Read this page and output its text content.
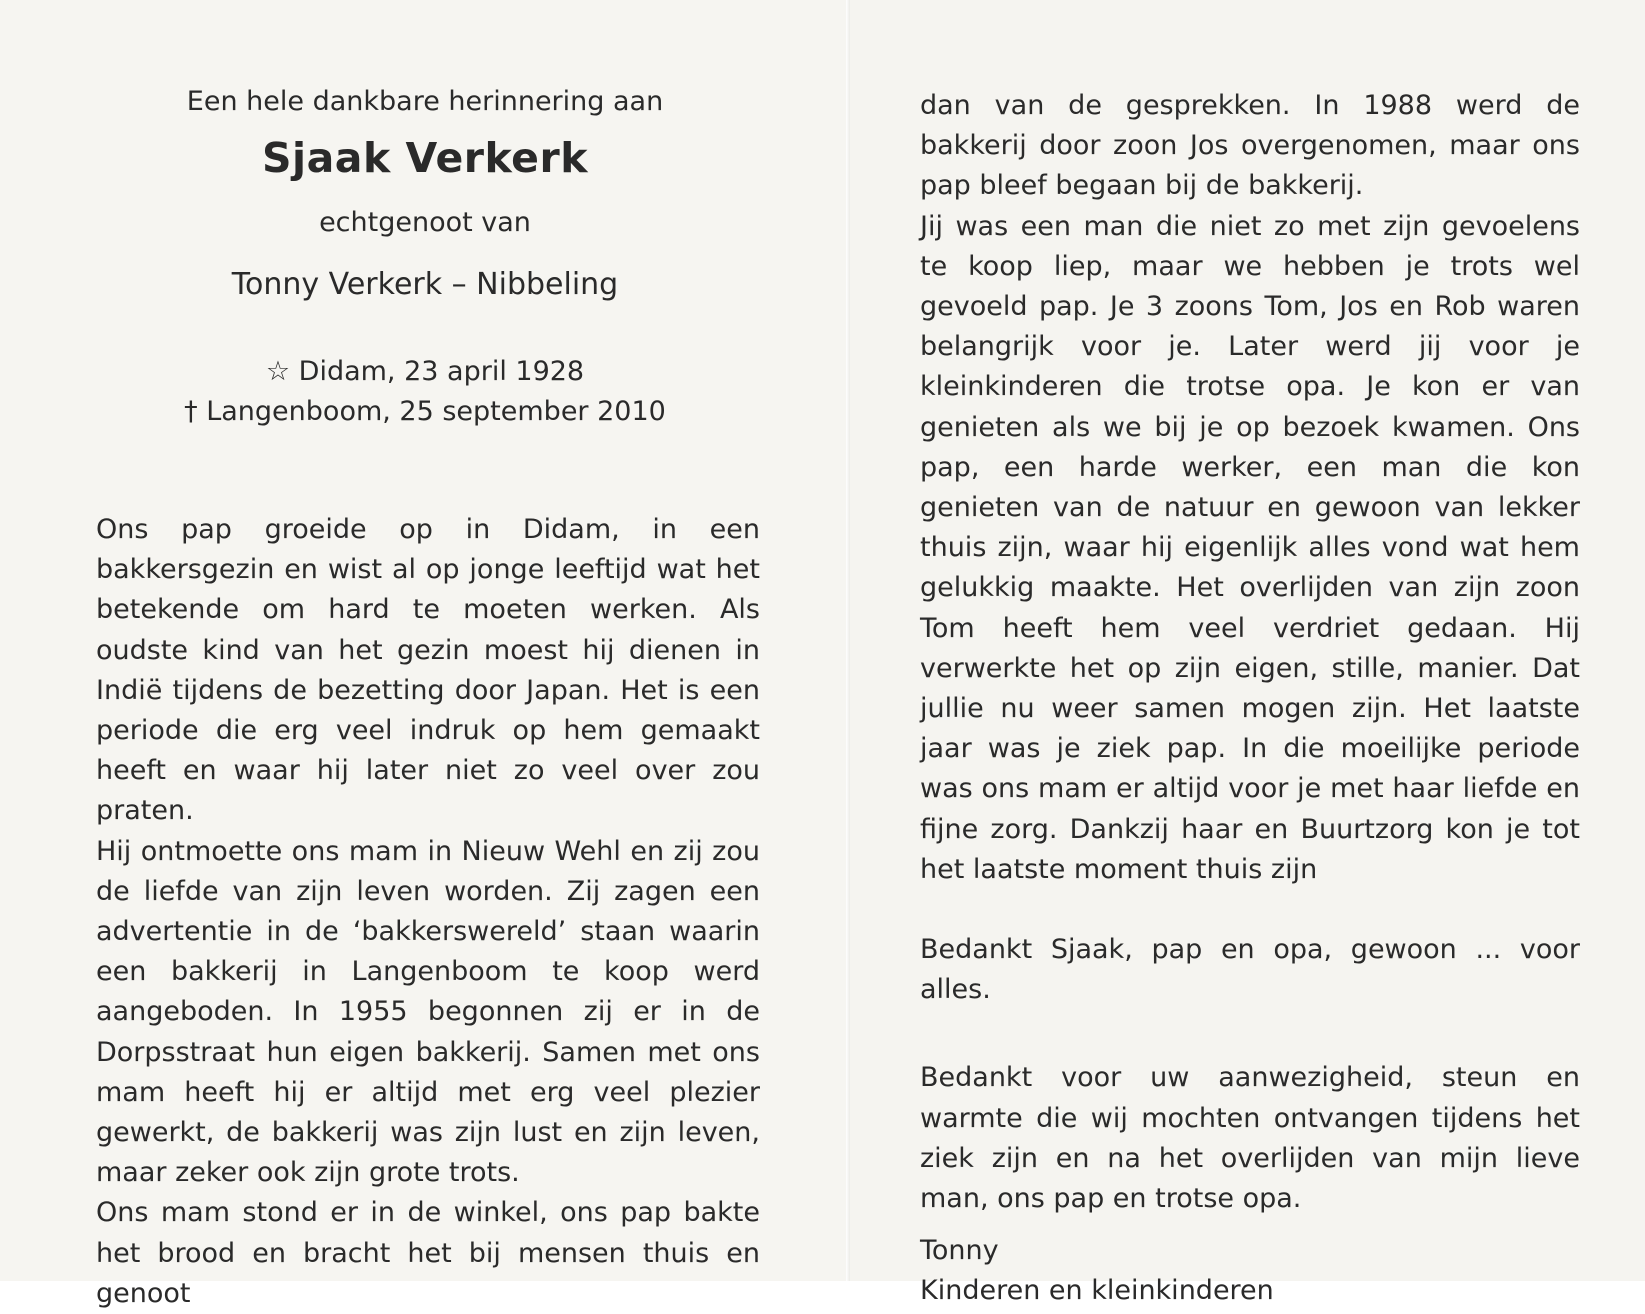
Een hele dankbare herinnering aan
Sjaak Verkerk
echtgenoot van
Tonny Verkerk – Nibbeling
☆ Didam, 23 april 1928
† Langenboom, 25 september 2010

Ons pap groeide op in Didam, in een bakkersgezin en wist al op jonge leeftijd wat het betekende om hard te moeten werken. Als oudste kind van het gezin moest hij dienen in Indië tijdens de bezetting door Japan. Het is een periode die erg veel indruk op hem gemaakt heeft en waar hij later niet zo veel over zou praten.

Hij ontmoette ons mam in Nieuw Wehl en zij zou de liefde van zijn leven worden. Zij zagen een advertentie in de ‘bakkerswereld’ staan waarin een bakkerij in Langenboom te koop werd aangeboden. In 1955 begonnen zij er in de Dorpsstraat hun eigen bakkerij. Samen met ons mam heeft hij er altijd met erg veel plezier gewerkt, de bakkerij was zijn lust en zijn leven, maar zeker ook zijn grote trots.

Ons mam stond er in de winkel, ons pap bakte het brood en bracht het bij mensen thuis en genoot

dan van de gesprekken. In 1988 werd de bakkerij door zoon Jos overgenomen, maar ons pap bleef begaan bij de bakkerij.

Jij was een man die niet zo met zijn gevoelens te koop liep, maar we hebben je trots wel gevoeld pap. Je 3 zoons Tom, Jos en Rob waren belangrijk voor je. Later werd jij voor je kleinkinderen die trotse opa. Je kon er van genieten als we bij je op bezoek kwamen. Ons pap, een harde werker, een man die kon genieten van de natuur en gewoon van lekker thuis zijn, waar hij eigenlijk alles vond wat hem gelukkig maakte. Het overlijden van zijn zoon Tom heeft hem veel verdriet gedaan. Hij verwerkte het op zijn eigen, stille, manier. Dat jullie nu weer samen mogen zijn. Het laatste jaar was je ziek pap. In die moeilijke periode was ons mam er altijd voor je met haar liefde en fijne zorg. Dankzij haar en Buurtzorg kon je tot het laatste moment thuis zijn

Bedankt Sjaak, pap en opa, gewoon ... voor alles.

Bedankt voor uw aanwezigheid, steun en warmte die wij mochten ontvangen tijdens het ziek zijn en na het overlijden van mijn lieve man, ons pap en trotse opa.

Tonny

Kinderen en kleinkinderen
